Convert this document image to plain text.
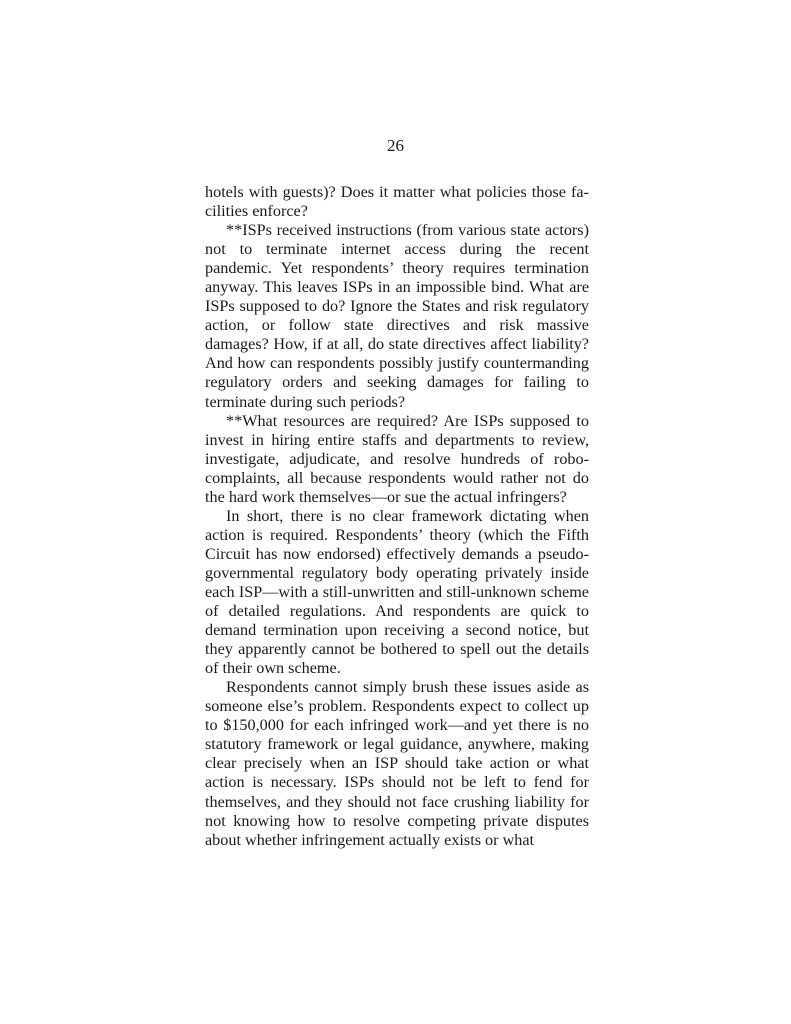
26

hotels with guests)? Does it matter what policies those facilities enforce?

**ISPs received instructions (from various state actors) not to terminate internet access during the recent pandemic. Yet respondents’ theory requires termination anyway. This leaves ISPs in an impossible bind. What are ISPs supposed to do? Ignore the States and risk regulatory action, or follow state directives and risk massive damages? How, if at all, do state directives affect liability? And how can respondents possibly justify countermanding regulatory orders and seeking damages for failing to terminate during such periods?

**What resources are required? Are ISPs supposed to invest in hiring entire staffs and departments to review, investigate, adjudicate, and resolve hundreds of robocomplaints, all because respondents would rather not do the hard work themselves—or sue the actual infringers?

In short, there is no clear framework dictating when action is required. Respondents’ theory (which the Fifth Circuit has now endorsed) effectively demands a pseudogovernmental regulatory body operating privately inside each ISP—with a still-unwritten and still-unknown scheme of detailed regulations. And respondents are quick to demand termination upon receiving a second notice, but they apparently cannot be bothered to spell out the details of their own scheme.

Respondents cannot simply brush these issues aside as someone else’s problem. Respondents expect to collect up to $150,000 for each infringed work—and yet there is no statutory framework or legal guidance, anywhere, making clear precisely when an ISP should take action or what action is necessary. ISPs should not be left to fend for themselves, and they should not face crushing liability for not knowing how to resolve competing private disputes about whether infringement actually exists or what
